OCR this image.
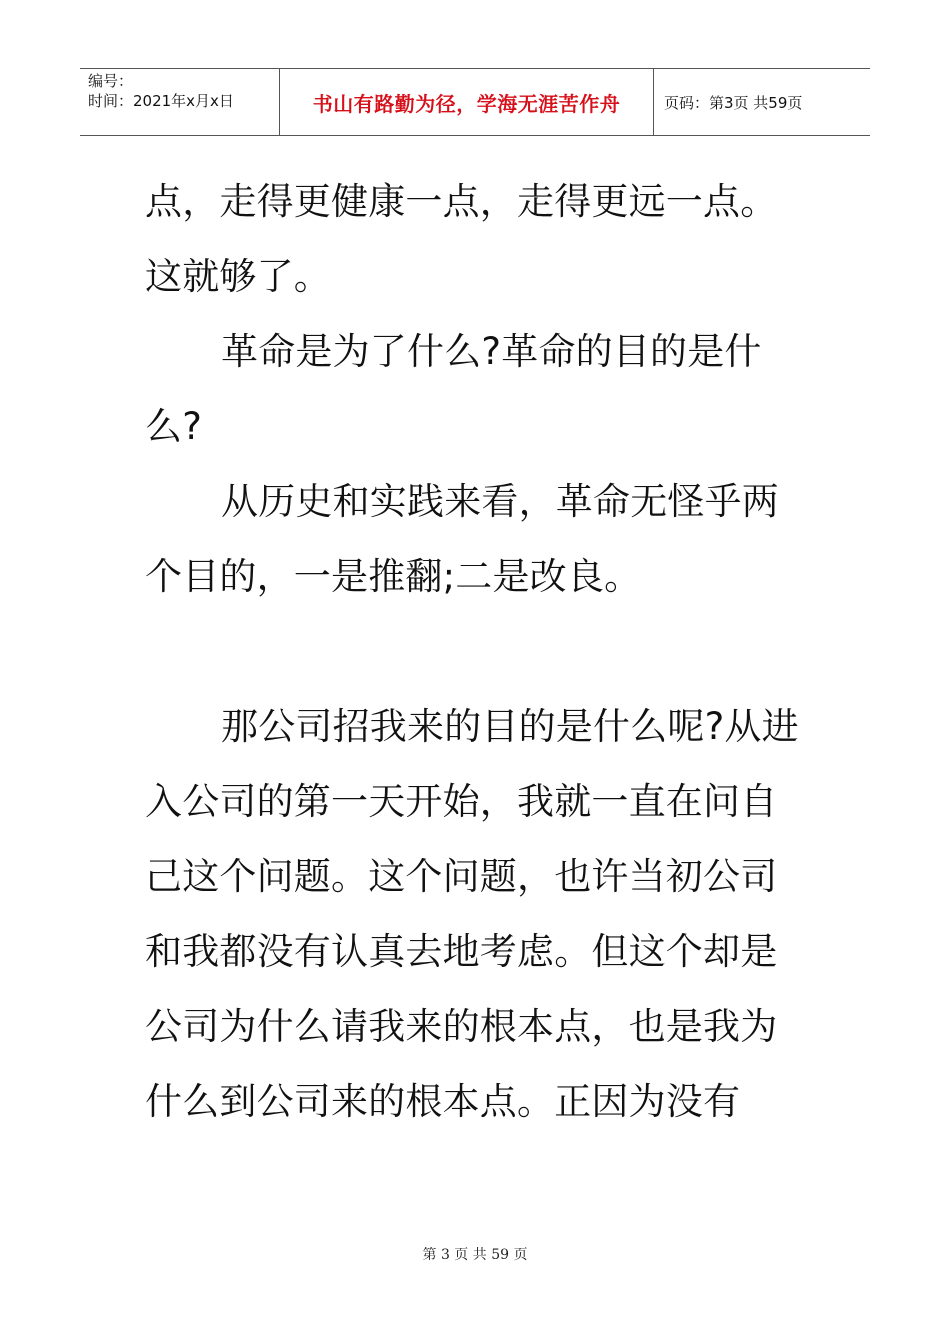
编号：
时间：2021年x月x日	书山有路勤为径，学海无涯苦作舟	页码：第3页 共59页

点，走得更健康一点，走得更远一点。这就够了。

革命是为了什么?革命的目的是什么?

从历史和实践来看，革命无怪乎两个目的，一是推翻;二是改良。

那公司招我来的目的是什么呢?从进入公司的第一天开始，我就一直在问自己这个问题。这个问题，也许当初公司和我都没有认真去地考虑。但这个却是公司为什么请我来的根本点，也是我为什么到公司来的根本点。正因为没有

第 3 页 共 59 页
